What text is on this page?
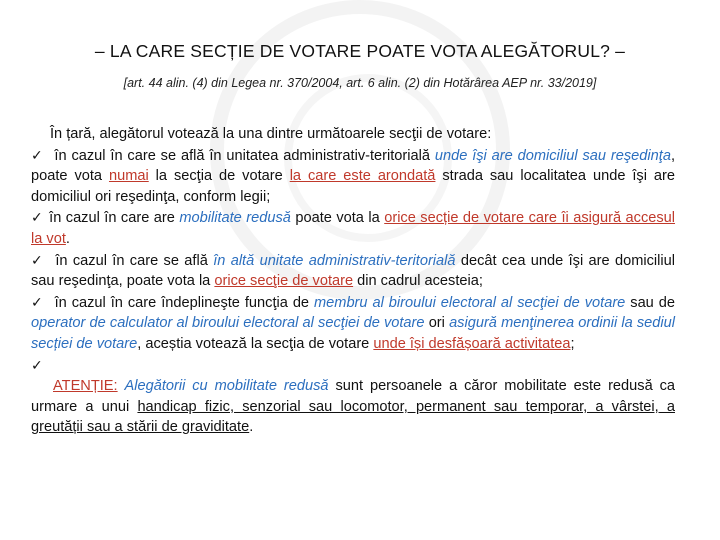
– LA CARE SECȚIE DE VOTARE POATE VOTA ALEGĂTORUL? –
[art. 44 alin. (4) din Legea nr. 370/2004, art. 6 alin. (2) din Hotărârea AEP nr. 33/2019]

În țară, alegătorul votează la una dintre următoarele secţii de votare:

✓ în cazul în care se află în unitatea administrativ-teritorială unde îşi are domiciliul sau reşedinţa, poate vota numai la secţia de votare la care este arondată strada sau localitatea unde îşi are domiciliul ori reşedinţa, conform legii;

✓ în cazul în care are mobilitate redusă poate vota la orice secție de votare care îi asigură accesul la vot.

✓ în cazul în care se află în altă unitate administrativ-teritorială decât cea unde îşi are domiciliul sau reşedinţa, poate vota la orice secţie de votare din cadrul acesteia;

✓ în cazul în care îndeplineşte funcţia de membru al biroului electoral al secţiei de votare sau de operator de calculator al biroului electoral al secţiei de votare ori asigură menţinerea ordinii la sediul secției de votare, aceștia votează la secţia de votare unde își desfășoară activitatea;

✓

ATENȚIE: Alegătorii cu mobilitate redusă sunt persoanele a căror mobilitate este redusă ca urmare a unui handicap fizic, senzorial sau locomotor, permanent sau temporar, a vârstei, a greutății sau a stării de graviditate.
